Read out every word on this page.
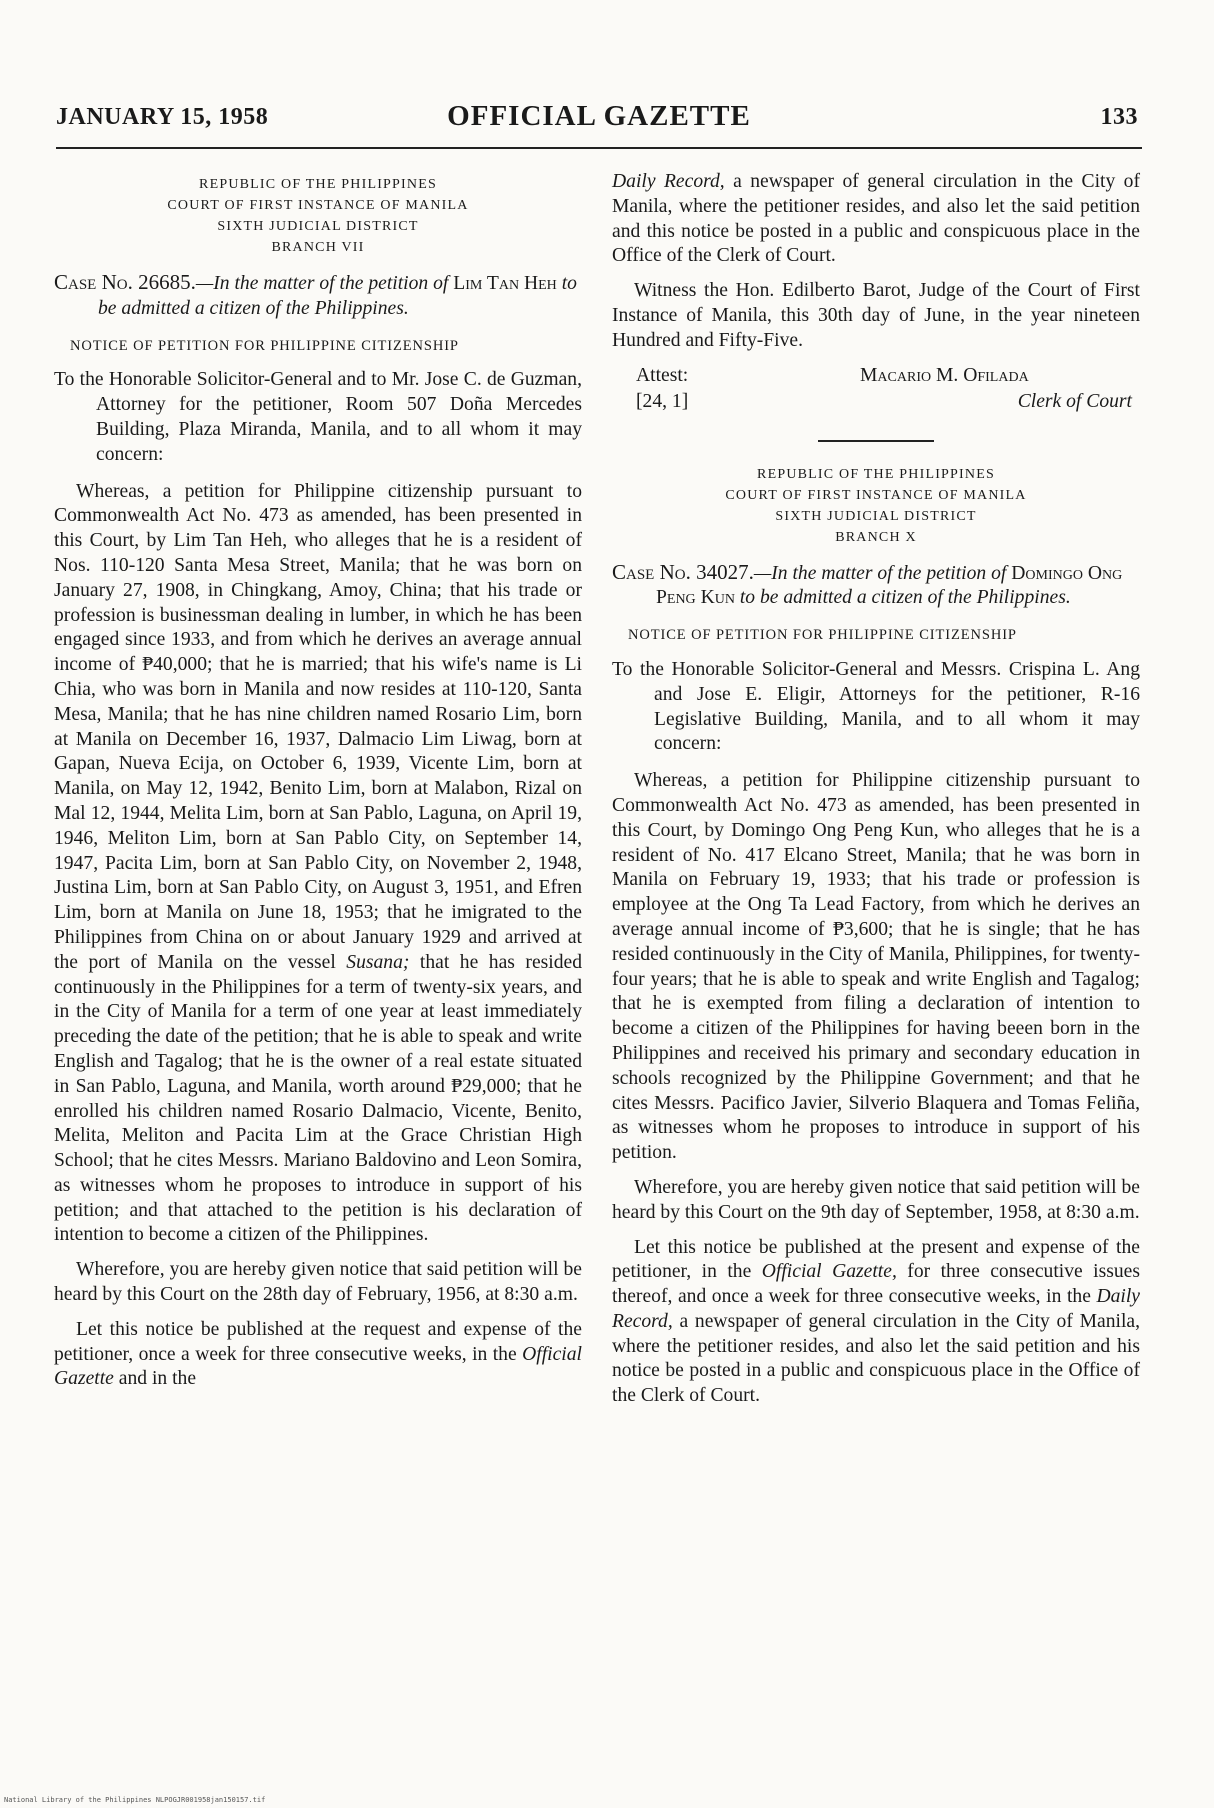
JANUARY 15, 1958	OFFICIAL GAZETTE	133
REPUBLIC OF THE PHILIPPINES
COURT OF FIRST INSTANCE OF MANILA
SIXTH JUDICIAL DISTRICT
BRANCH VII
Case No. 26685.—In the matter of the petition of Lim Tan Heh to be admitted a citizen of the Philippines.
NOTICE OF PETITION FOR PHILIPPINE CITIZENSHIP
To the Honorable Solicitor-General and to Mr. Jose C. de Guzman, Attorney for the petitioner, Room 507 Doña Mercedes Building, Plaza Miranda, Manila, and to all whom it may concern:

Whereas, a petition for Philippine citizenship pursuant to Commonwealth Act No. 473 as amended, has been presented in this Court, by Lim Tan Heh, who alleges that he is a resident of Nos. 110-120 Santa Mesa Street, Manila; that he was born on January 27, 1908, in Chingkang, Amoy, China; that his trade or profession is businessman dealing in lumber, in which he has been engaged since 1933, and from which he derives an average annual income of ₱40,000; that he is married; that his wife's name is Li Chia, who was born in Manila and now resides at 110-120, Santa Mesa, Manila; that he has nine children named Rosario Lim, born at Manila on December 16, 1937, Dalmacio Lim Liwag, born at Gapan, Nueva Ecija, on October 6, 1939, Vicente Lim, born at Manila, on May 12, 1942, Benito Lim, born at Malabon, Rizal on Mal 12, 1944, Melita Lim, born at San Pablo, Laguna, on April 19, 1946, Meliton Lim, born at San Pablo City, on September 14, 1947, Pacita Lim, born at San Pablo City, on November 2, 1948, Justina Lim, born at San Pablo City, on August 3, 1951, and Efren Lim, born at Manila on June 18, 1953; that he imigrated to the Philippines from China on or about January 1929 and arrived at the port of Manila on the vessel Susana; that he has resided continuously in the Philippines for a term of twenty-six years, and in the City of Manila for a term of one year at least immediately preceding the date of the petition; that he is able to speak and write English and Tagalog; that he is the owner of a real estate situated in San Pablo, Laguna, and Manila, worth around ₱29,000; that he enrolled his children named Rosario Dalmacio, Vicente, Benito, Melita, Meliton and Pacita Lim at the Grace Christian High School; that he cites Messrs. Mariano Baldovino and Leon Somira, as witnesses whom he proposes to introduce in support of his petition; and that attached to the petition is his declaration of intention to become a citizen of the Philippines.

Wherefore, you are hereby given notice that said petition will be heard by this Court on the 28th day of February, 1956, at 8:30 a.m.

Let this notice be published at the request and expense of the petitioner, once a week for three consecutive weeks, in the Official Gazette and in the

Daily Record, a newspaper of general circulation in the City of Manila, where the petitioner resides, and also let the said petition and this notice be posted in a public and conspicuous place in the Office of the Clerk of Court.

Witness the Hon. Edilberto Barot, Judge of the Court of First Instance of Manila, this 30th day of June, in the year nineteen Hundred and Fifty-Five.

Attest:
[24, 1]
Macario M. Ofilada
Clerk of Court
REPUBLIC OF THE PHILIPPINES
COURT OF FIRST INSTANCE OF MANILA
SIXTH JUDICIAL DISTRICT
BRANCH X
Case No. 34027.—In the matter of the petition of Domingo Ong Peng Kun to be admitted a citizen of the Philippines.
NOTICE OF PETITION FOR PHILIPPINE CITIZENSHIP
To the Honorable Solicitor-General and Messrs. Crispina L. Ang and Jose E. Eligir, Attorneys for the petitioner, R-16 Legislative Building, Manila, and to all whom it may concern:

Whereas, a petition for Philippine citizenship pursuant to Commonwealth Act No. 473 as amended, has been presented in this Court, by Domingo Ong Peng Kun, who alleges that he is a resident of No. 417 Elcano Street, Manila; that he was born in Manila on February 19, 1933; that his trade or profession is employee at the Ong Ta Lead Factory, from which he derives an average annual income of ₱3,600; that he is single; that he has resided continuously in the City of Manila, Philippines, for twenty-four years; that he is able to speak and write English and Tagalog; that he is exempted from filing a declaration of intention to become a citizen of the Philippines for having beeen born in the Philippines and received his primary and secondary education in schools recognized by the Philippine Government; and that he cites Messrs. Pacifico Javier, Silverio Blaquera and Tomas Feliña, as witnesses whom he proposes to introduce in support of his petition.

Wherefore, you are hereby given notice that said petition will be heard by this Court on the 9th day of September, 1958, at 8:30 a.m.

Let this notice be published at the present and expense of the petitioner, in the Official Gazette, for three consecutive issues thereof, and once a week for three consecutive weeks, in the Daily Record, a newspaper of general circulation in the City of Manila, where the petitioner resides, and also let the said petition and his notice be posted in a public and conspicuous place in the Office of the Clerk of Court.

National Library of the Philippines NLPOGJR001958jan150157.tif
